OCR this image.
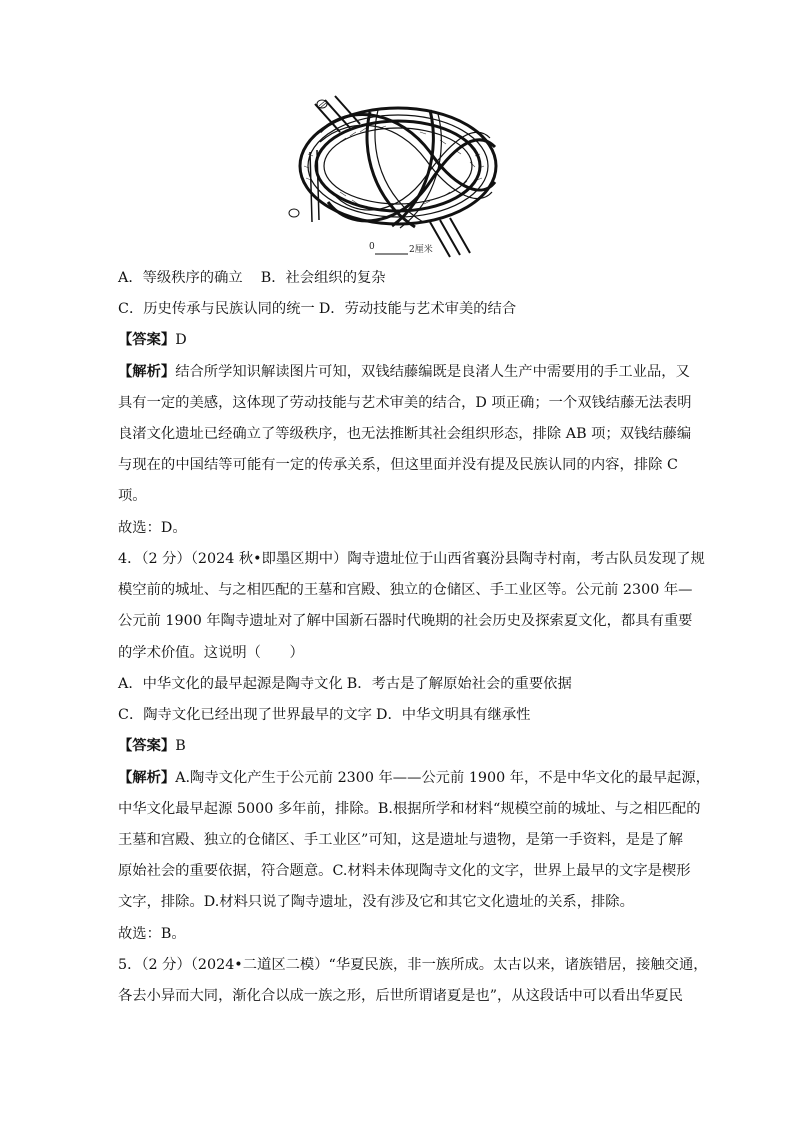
0	2厘米
A．等级秩序的确立 B．社会组织的复杂
C．历史传承与民族认同的统一 D．劳动技能与艺术审美的结合
【答案】D
【解析】结合所学知识解读图片可知，双钱结藤编既是良渚人生产中需要用的手工业品，又
具有一定的美感，这体现了劳动技能与艺术审美的结合，D 项正确；一个双钱结藤无法表明
良渚文化遗址已经确立了等级秩序，也无法推断其社会组织形态，排除 AB 项；双钱结藤编
与现在的中国结等可能有一定的传承关系，但这里面并没有提及民族认同的内容，排除 C
项。
故选：D。
4．（2 分）（2024 秋•即墨区期中）陶寺遗址位于山西省襄汾县陶寺村南，考古队员发现了规
模空前的城址、与之相匹配的王墓和宫殿、独立的仓储区、手工业区等。公元前 2300 年—
公元前 1900 年陶寺遗址对了解中国新石器时代晚期的社会历史及探索夏文化，都具有重要
的学术价值。这说明（　　）
A．中华文化的最早起源是陶寺文化 B．考古是了解原始社会的重要依据
C．陶寺文化已经出现了世界最早的文字 D．中华文明具有继承性
【答案】B
【解析】A.陶寺文化产生于公元前 2300 年——公元前 1900 年，不是中华文化的最早起源，
中华文化最早起源 5000 多年前，排除。B.根据所学和材料“规模空前的城址、与之相匹配的
王墓和宫殿、独立的仓储区、手工业区”可知，这是遗址与遗物，是第一手资料，是是了解
原始社会的重要依据，符合题意。C.材料未体现陶寺文化的文字，世界上最早的文字是楔形
文字，排除。D.材料只说了陶寺遗址，没有涉及它和其它文化遗址的关系，排除。
故选：B。
5．（2 分）（2024•二道区二模）“华夏民族，非一族所成。太古以来，诸族错居，接触交通，
各去小异而大同，渐化合以成一族之形，后世所谓诸夏是也”，从这段话中可以看出华夏民
